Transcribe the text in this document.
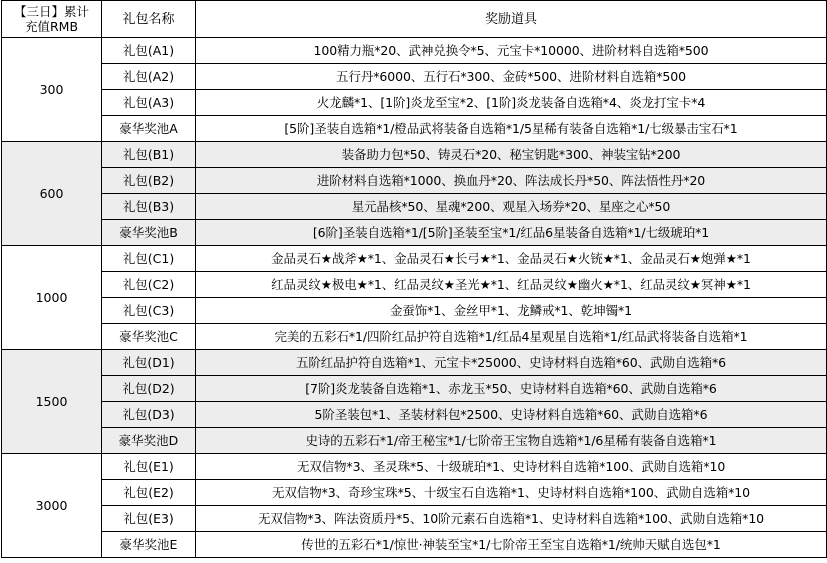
【三日】累计
充值RMB	礼包名称	奖励道具
300	礼包(A1)	100精力瓶*20、武神兑换令*5、元宝卡*10000、进阶材料自选箱*500
	礼包(A2)	五行丹*6000、五行石*300、金砖*500、进阶材料自选箱*500
	礼包(A3)	火龙麟*1、[1阶]炎龙至宝*2、[1阶]炎龙装备自选箱*4、炎龙打宝卡*4
	豪华奖池A	[5阶]圣装自选箱*1/橙品武将装备自选箱*1/5星稀有装备自选箱*1/七级暴击宝石*1
600	礼包(B1)	装备助力包*50、铸灵石*20、秘宝钥匙*300、神装宝钻*200
	礼包(B2)	进阶材料自选箱*1000、换血丹*20、阵法成长丹*50、阵法悟性丹*20
	礼包(B3)	星元晶核*50、星魂*200、观星入场券*20、星座之心*50
	豪华奖池B	[6阶]圣装自选箱*1/[5阶]圣装至宝*1/红品6星装备自选箱*1/七级琥珀*1
1000	礼包(C1)	金品灵石★战斧★*1、金品灵石★长弓★*1、金品灵石★火铳★*1、金品灵石★炮弹★*1
	礼包(C2)	红品灵纹★极电★*1、红品灵纹★圣光★*1、红品灵纹★幽火★*1、红品灵纹★冥神★*1
	礼包(C3)	金蚕饰*1、金丝甲*1、龙鳞戒*1、乾坤镯*1
	豪华奖池C	完美的五彩石*1/四阶红品护符自选箱*1/红品4星观星自选箱*1/红品武将装备自选箱*1
1500	礼包(D1)	五阶红品护符自选箱*1、元宝卡*25000、史诗材料自选箱*60、武勋自选箱*6
	礼包(D2)	[7阶]炎龙装备自选箱*1、赤龙玉*50、史诗材料自选箱*60、武勋自选箱*6
	礼包(D3)	5阶圣装包*1、圣装材料包*2500、史诗材料自选箱*60、武勋自选箱*6
	豪华奖池D	史诗的五彩石*1/帝王秘宝*1/七阶帝王宝物自选箱*1/6星稀有装备自选箱*1
3000	礼包(E1)	无双信物*3、圣灵珠*5、十级琥珀*1、史诗材料自选箱*100、武勋自选箱*10
	礼包(E2)	无双信物*3、奇珍宝珠*5、十级宝石自选箱*1、史诗材料自选箱*100、武勋自选箱*10
	礼包(E3)	无双信物*3、阵法资质丹*5、10阶元素石自选箱*1、史诗材料自选箱*100、武勋自选箱*10
	豪华奖池E	传世的五彩石*1/惊世·神装至宝*1/七阶帝王至宝自选箱*1/统帅天赋自选包*1
